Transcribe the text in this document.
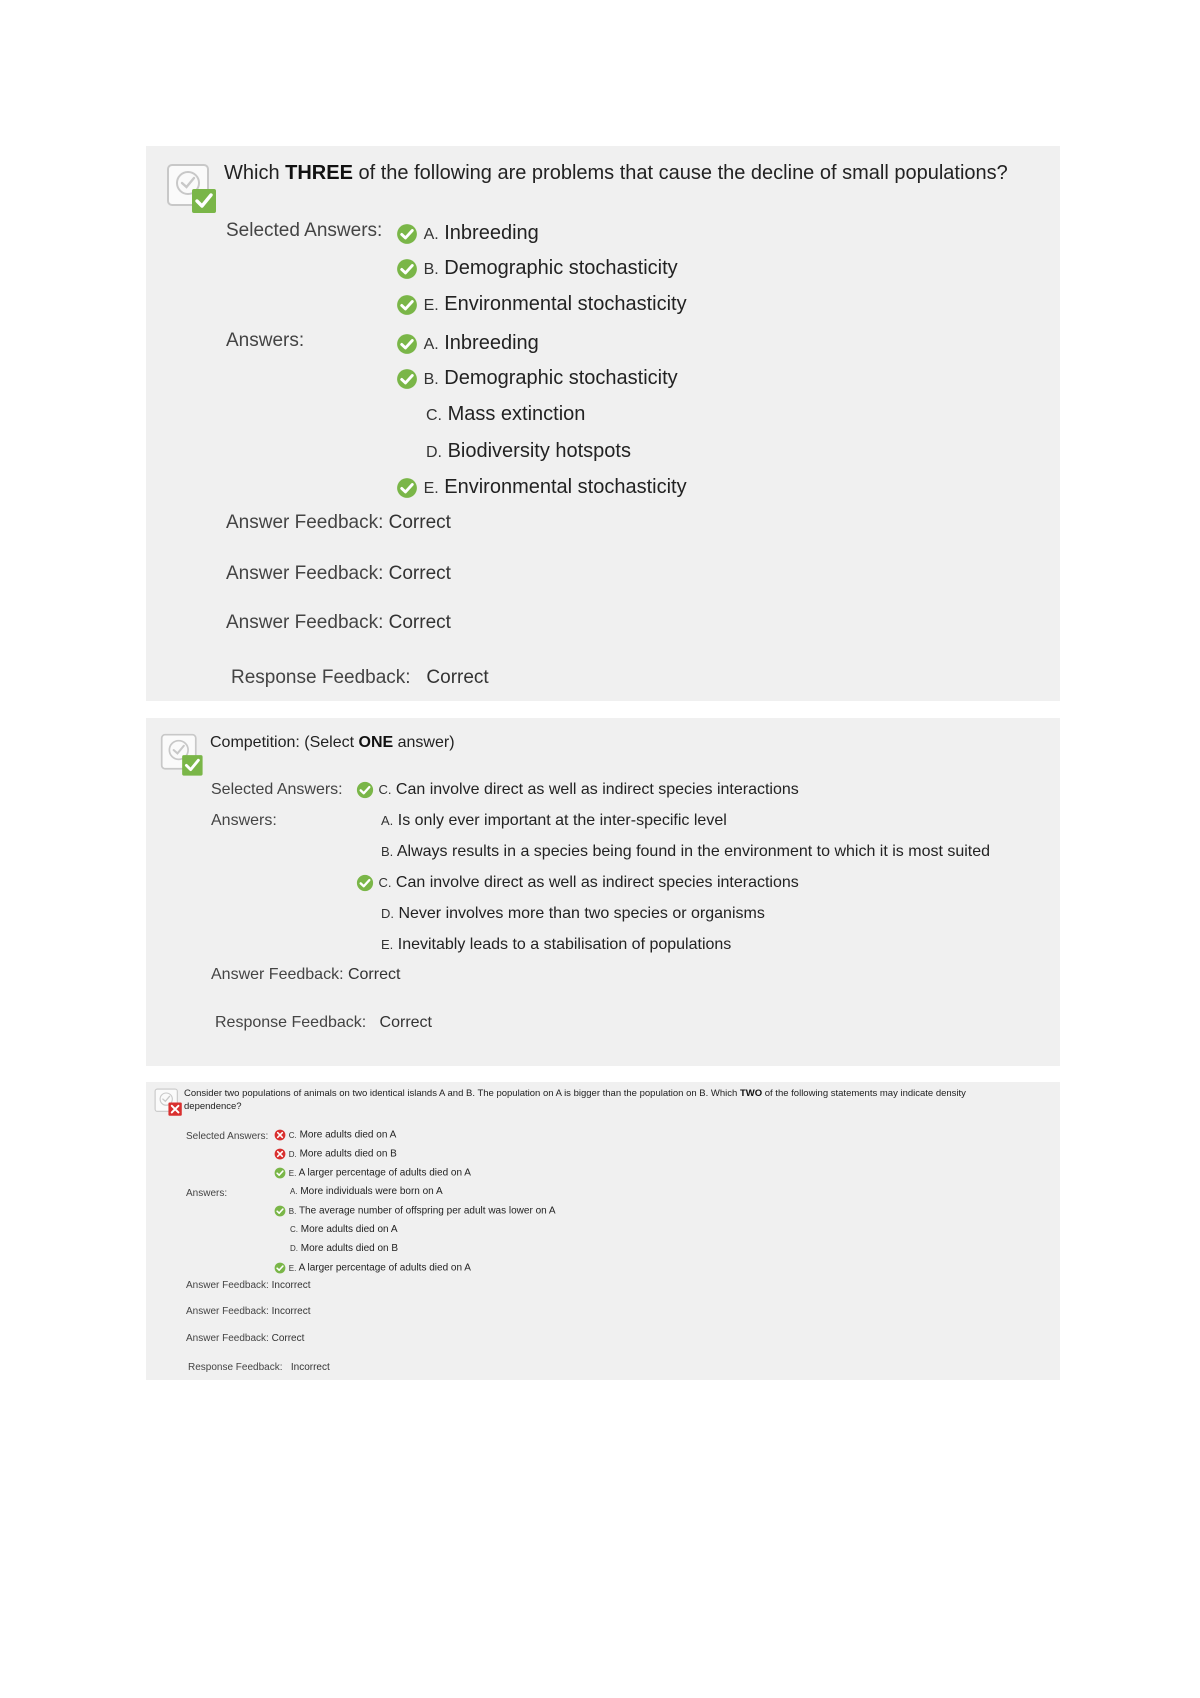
Which THREE of the following are problems that cause the decline of small populations?
Selected Answers:	A. Inbreeding
B. Demographic stochasticity
E. Environmental stochasticity
Answers:	A. Inbreeding
B. Demographic stochasticity
C. Mass extinction
D. Biodiversity hotspots
E. Environmental stochasticity
Answer Feedback: Correct
Answer Feedback: Correct
Answer Feedback: Correct
Response Feedback: Correct
Competition: (Select ONE answer)
Selected Answers:	C. Can involve direct as well as indirect species interactions
Answers:	A. Is only ever important at the inter-specific level
B. Always results in a species being found in the environment to which it is most suited
C. Can involve direct as well as indirect species interactions
D. Never involves more than two species or organisms
E. Inevitably leads to a stabilisation of populations
Answer Feedback: Correct
Response Feedback: Correct
Consider two populations of animals on two identical islands A and B. The population on A is bigger than the population on B. Which TWO of the following statements may indicate density
dependence?
Selected Answers:	C. More adults died on A
D. More adults died on B
E. A larger percentage of adults died on A
Answers:	A. More individuals were born on A
B. The average number of offspring per adult was lower on A
C. More adults died on A
D. More adults died on B
E. A larger percentage of adults died on A
Answer Feedback: Incorrect
Answer Feedback: Incorrect
Answer Feedback: Correct
Response Feedback: Incorrect
